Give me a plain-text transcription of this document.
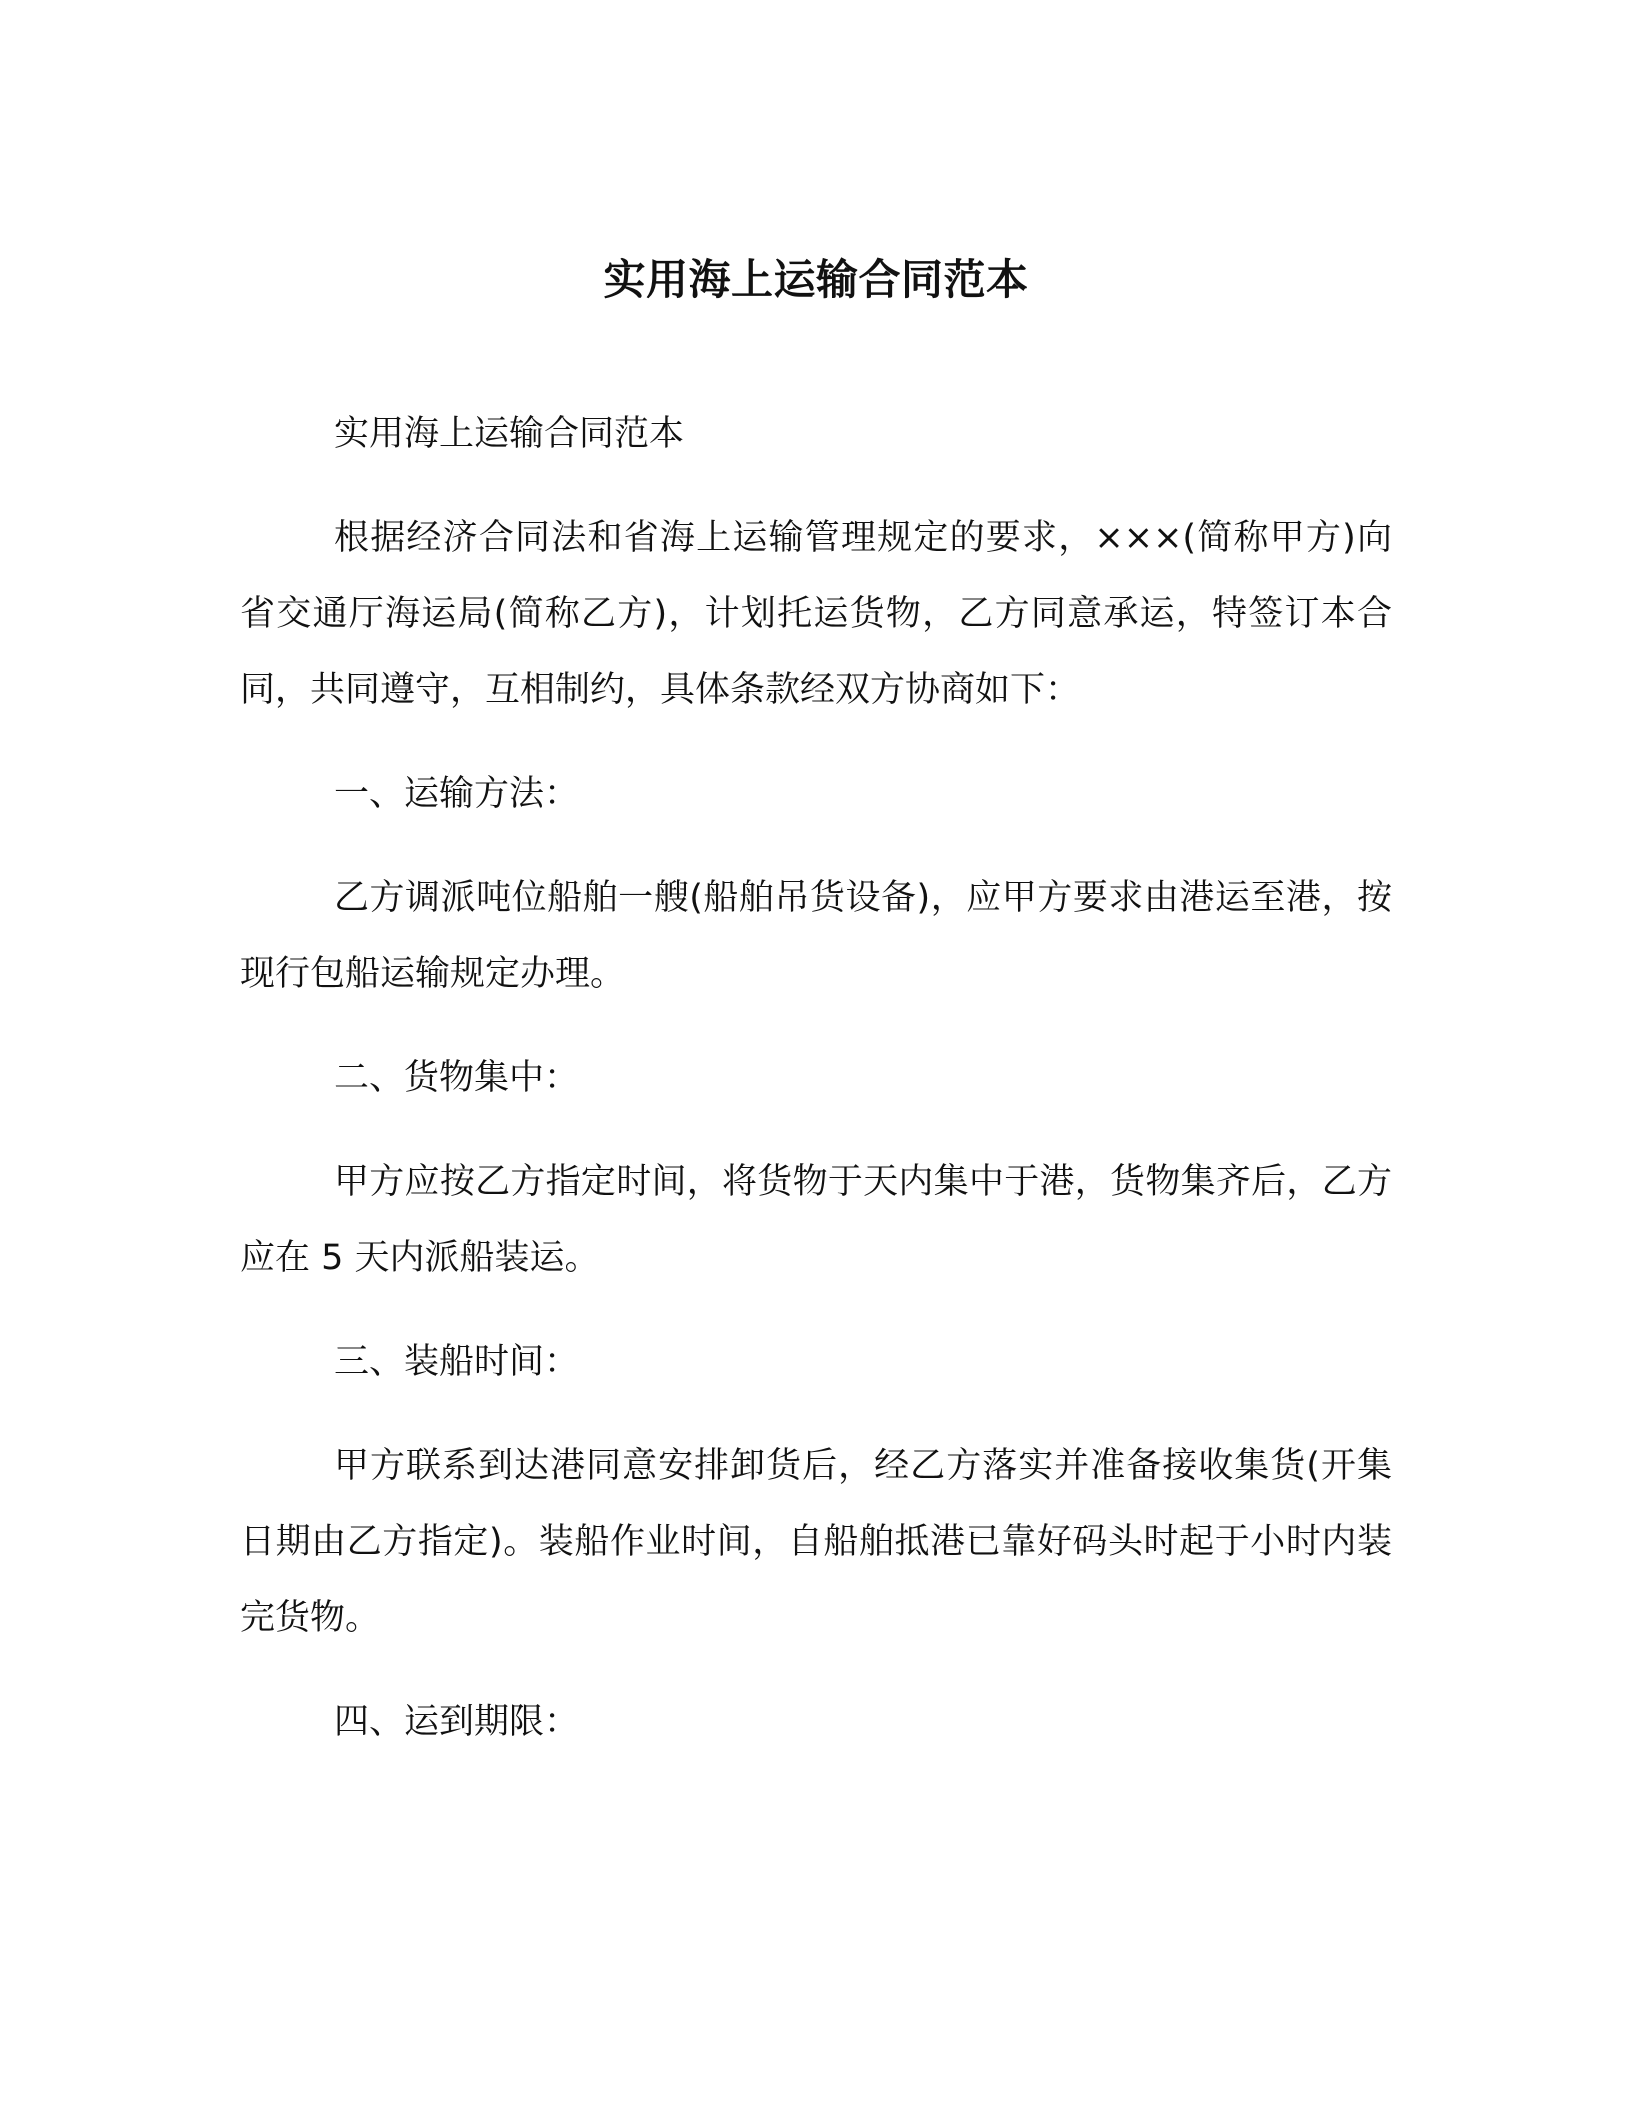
实用海上运输合同范本

实用海上运输合同范本

根据经济合同法和省海上运输管理规定的要求，×××(简称甲方)向省交通厅海运局(简称乙方)，计划托运货物，乙方同意承运，特签订本合同，共同遵守，互相制约，具体条款经双方协商如下：

一、运输方法：

乙方调派吨位船舶一艘(船舶吊货设备)，应甲方要求由港运至港，按现行包船运输规定办理。

二、货物集中：

甲方应按乙方指定时间，将货物于天内集中于港，货物集齐后，乙方应在 5 天内派船装运。

三、装船时间：

甲方联系到达港同意安排卸货后，经乙方落实并准备接收集货(开集日期由乙方指定)。装船作业时间，自船舶抵港已靠好码头时起于小时内装完货物。

四、运到期限：
